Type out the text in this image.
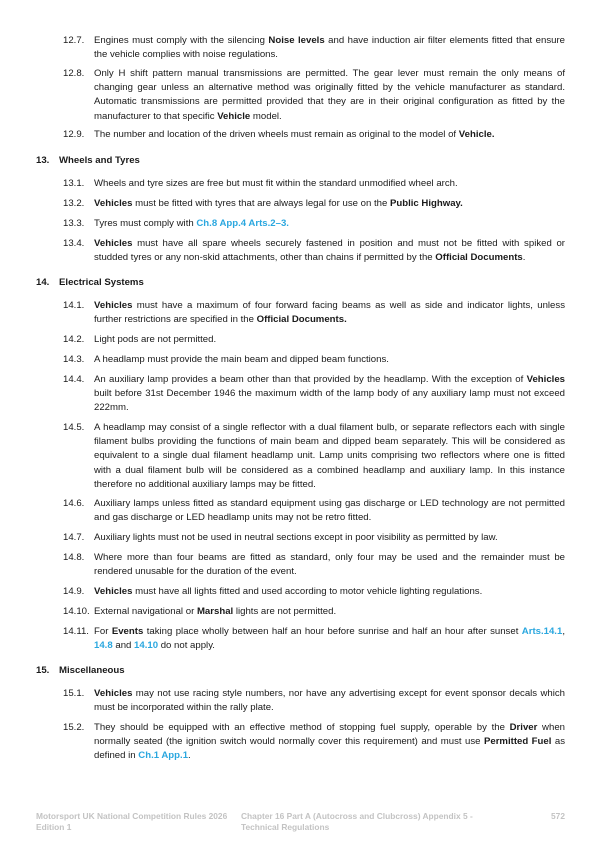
12.7. Engines must comply with the silencing Noise levels and have induction air filter elements fitted that ensure the vehicle complies with noise regulations.
12.8. Only H shift pattern manual transmissions are permitted. The gear lever must remain the only means of changing gear unless an alternative method was originally fitted by the vehicle manufacturer as standard. Automatic transmissions are permitted provided that they are in their original configuration as fitted by the manufacturer to that specific Vehicle model.
12.9. The number and location of the driven wheels must remain as original to the model of Vehicle.
13. Wheels and Tyres
13.1. Wheels and tyre sizes are free but must fit within the standard unmodified wheel arch.
13.2. Vehicles must be fitted with tyres that are always legal for use on the Public Highway.
13.3. Tyres must comply with Ch.8 App.4 Arts.2–3.
13.4. Vehicles must have all spare wheels securely fastened in position and must not be fitted with spiked or studded tyres or any non-skid attachments, other than chains if permitted by the Official Documents.
14. Electrical Systems
14.1. Vehicles must have a maximum of four forward facing beams as well as side and indicator lights, unless further restrictions are specified in the Official Documents.
14.2. Light pods are not permitted.
14.3. A headlamp must provide the main beam and dipped beam functions.
14.4. An auxiliary lamp provides a beam other than that provided by the headlamp. With the exception of Vehicles built before 31st December 1946 the maximum width of the lamp body of any auxiliary lamp must not exceed 222mm.
14.5. A headlamp may consist of a single reflector with a dual filament bulb, or separate reflectors each with single filament bulbs providing the functions of main beam and dipped beam separately. This will be considered as equivalent to a single dual filament headlamp unit. Lamp units comprising two reflectors where one is fitted with a dual filament bulb will be considered as a combined headlamp and auxiliary lamp. In this instance therefore no additional auxiliary lamps may be fitted.
14.6. Auxiliary lamps unless fitted as standard equipment using gas discharge or LED technology are not permitted and gas discharge or LED headlamp units may not be retro fitted.
14.7. Auxiliary lights must not be used in neutral sections except in poor visibility as permitted by law.
14.8. Where more than four beams are fitted as standard, only four may be used and the remainder must be rendered unusable for the duration of the event.
14.9. Vehicles must have all lights fitted and used according to motor vehicle lighting regulations.
14.10. External navigational or Marshal lights are not permitted.
14.11. For Events taking place wholly between half an hour before sunrise and half an hour after sunset Arts.14.1, 14.8 and 14.10 do not apply.
15. Miscellaneous
15.1. Vehicles may not use racing style numbers, nor have any advertising except for event sponsor decals which must be incorporated within the rally plate.
15.2. They should be equipped with an effective method of stopping fuel supply, operable by the Driver when normally seated (the ignition switch would normally cover this requirement) and must use Permitted Fuel as defined in Ch.1 App.1.
Motorsport UK National Competition Rules 2026
Edition 1
Chapter 16 Part A (Autocross and Clubcross) Appendix 5 -
Technical Regulations
572
